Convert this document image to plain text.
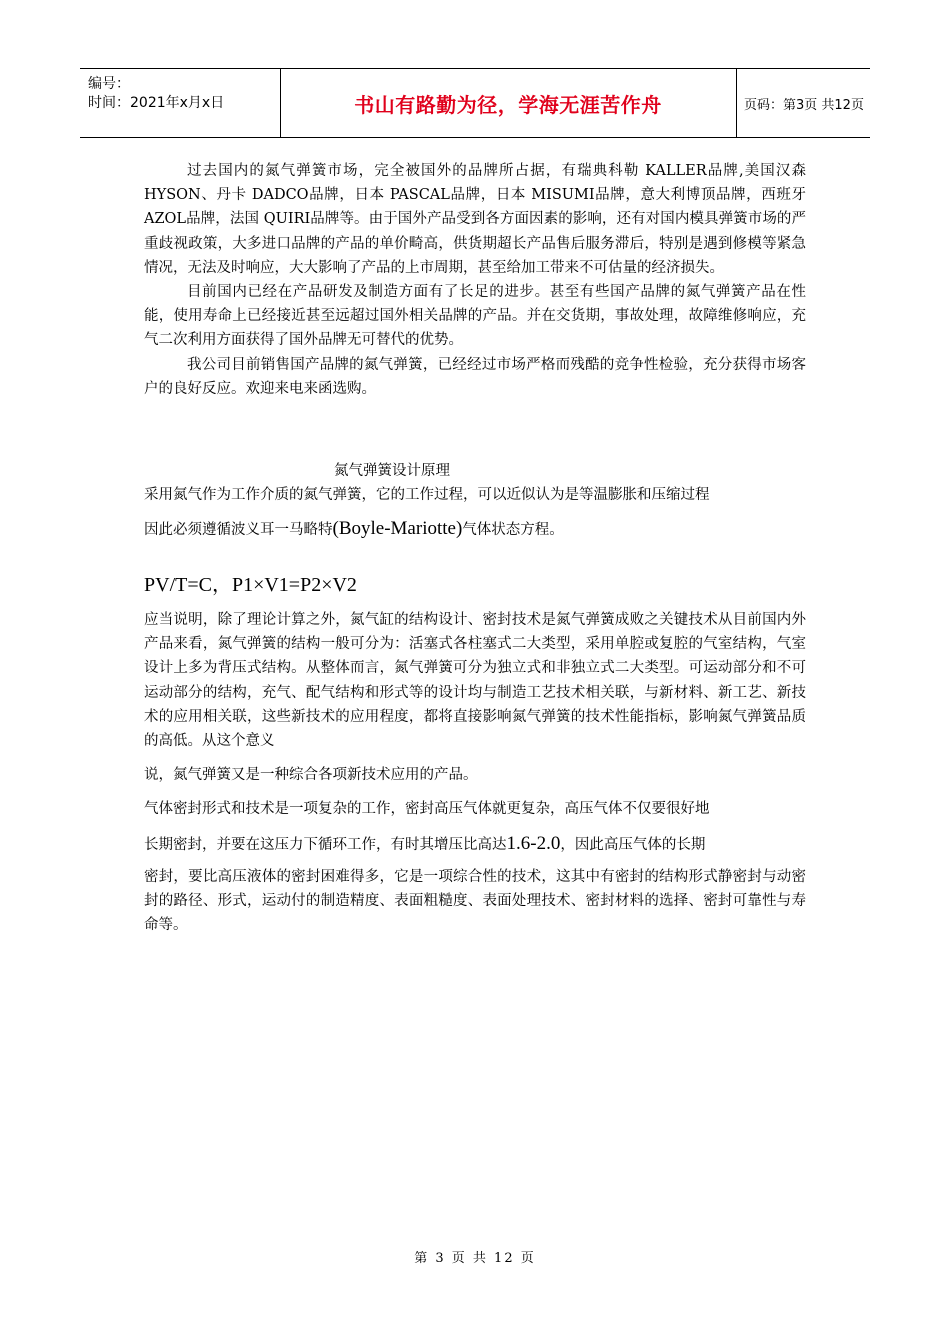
编号：
时间：2021年x月x日	书山有路勤为径，学海无涯苦作舟	页码：第3页 共12页

过去国内的氮气弹簧市场，完全被国外的品牌所占据，有瑞典科勒 KALLER品牌,美国汉森 HYSON、丹卡 DADCO品牌，日本 PASCAL品牌，日本 MISUMI品牌，意大利博顶品牌，西班牙 AZOL品牌，法国 QUIRI品牌等。由于国外产品受到各方面因素的影响，还有对国内模具弹簧市场的严重歧视政策，大多进口品牌的产品的单价畸高，供货期超长产品售后服务滞后，特别是遇到修模等紧急情况，无法及时响应，大大影响了产品的上市周期，甚至给加工带来不可估量的经济损失。

目前国内已经在产品研发及制造方面有了长足的进步。甚至有些国产品牌的氮气弹簧产品在性能，使用寿命上已经接近甚至远超过国外相关品牌的产品。并在交货期，事故处理，故障维修响应，充气二次利用方面获得了国外品牌无可替代的优势。

我公司目前销售国产品牌的氮气弹簧，已经经过市场严格而残酷的竞争性检验，充分获得市场客户的良好反应。欢迎来电来函选购。

氮气弹簧设计原理

采用氮气作为工作介质的氮气弹簧，它的工作过程，可以近似认为是等温膨胀和压缩过程

因此必须遵循波义耳一马略特(Boyle-Mariotte)气体状态方程。

PV/T=C，P1×V1=P2×V2

应当说明，除了理论计算之外，氮气缸的结构设计、密封技术是氮气弹簧成败之关键技术从目前国内外产品来看，氮气弹簧的结构一般可分为：活塞式各柱塞式二大类型，采用单腔或复腔的气室结构，气室设计上多为背压式结构。从整体而言，氮气弹簧可分为独立式和非独立式二大类型。可运动部分和不可运动部分的结构，充气、配气结构和形式等的设计均与制造工艺技术相关联，与新材料、新工艺、新技术的应用相关联，这些新技术的应用程度，都将直接影响氮气弹簧的技术性能指标，影响氮气弹簧品质的高低。从这个意义

说，氮气弹簧又是一种综合各项新技术应用的产品。

气体密封形式和技术是一项复杂的工作，密封高压气体就更复杂，高压气体不仅要很好地

长期密封，并要在这压力下循环工作，有时其增压比高达1.6-2.0，因此高压气体的长期

密封，要比高压液体的密封困难得多，它是一项综合性的技术，这其中有密封的结构形式静密封与动密封的路径、形式，运动付的制造精度、表面粗糙度、表面处理技术、密封材料的选择、密封可靠性与寿命等。

第 3 页 共 12 页
